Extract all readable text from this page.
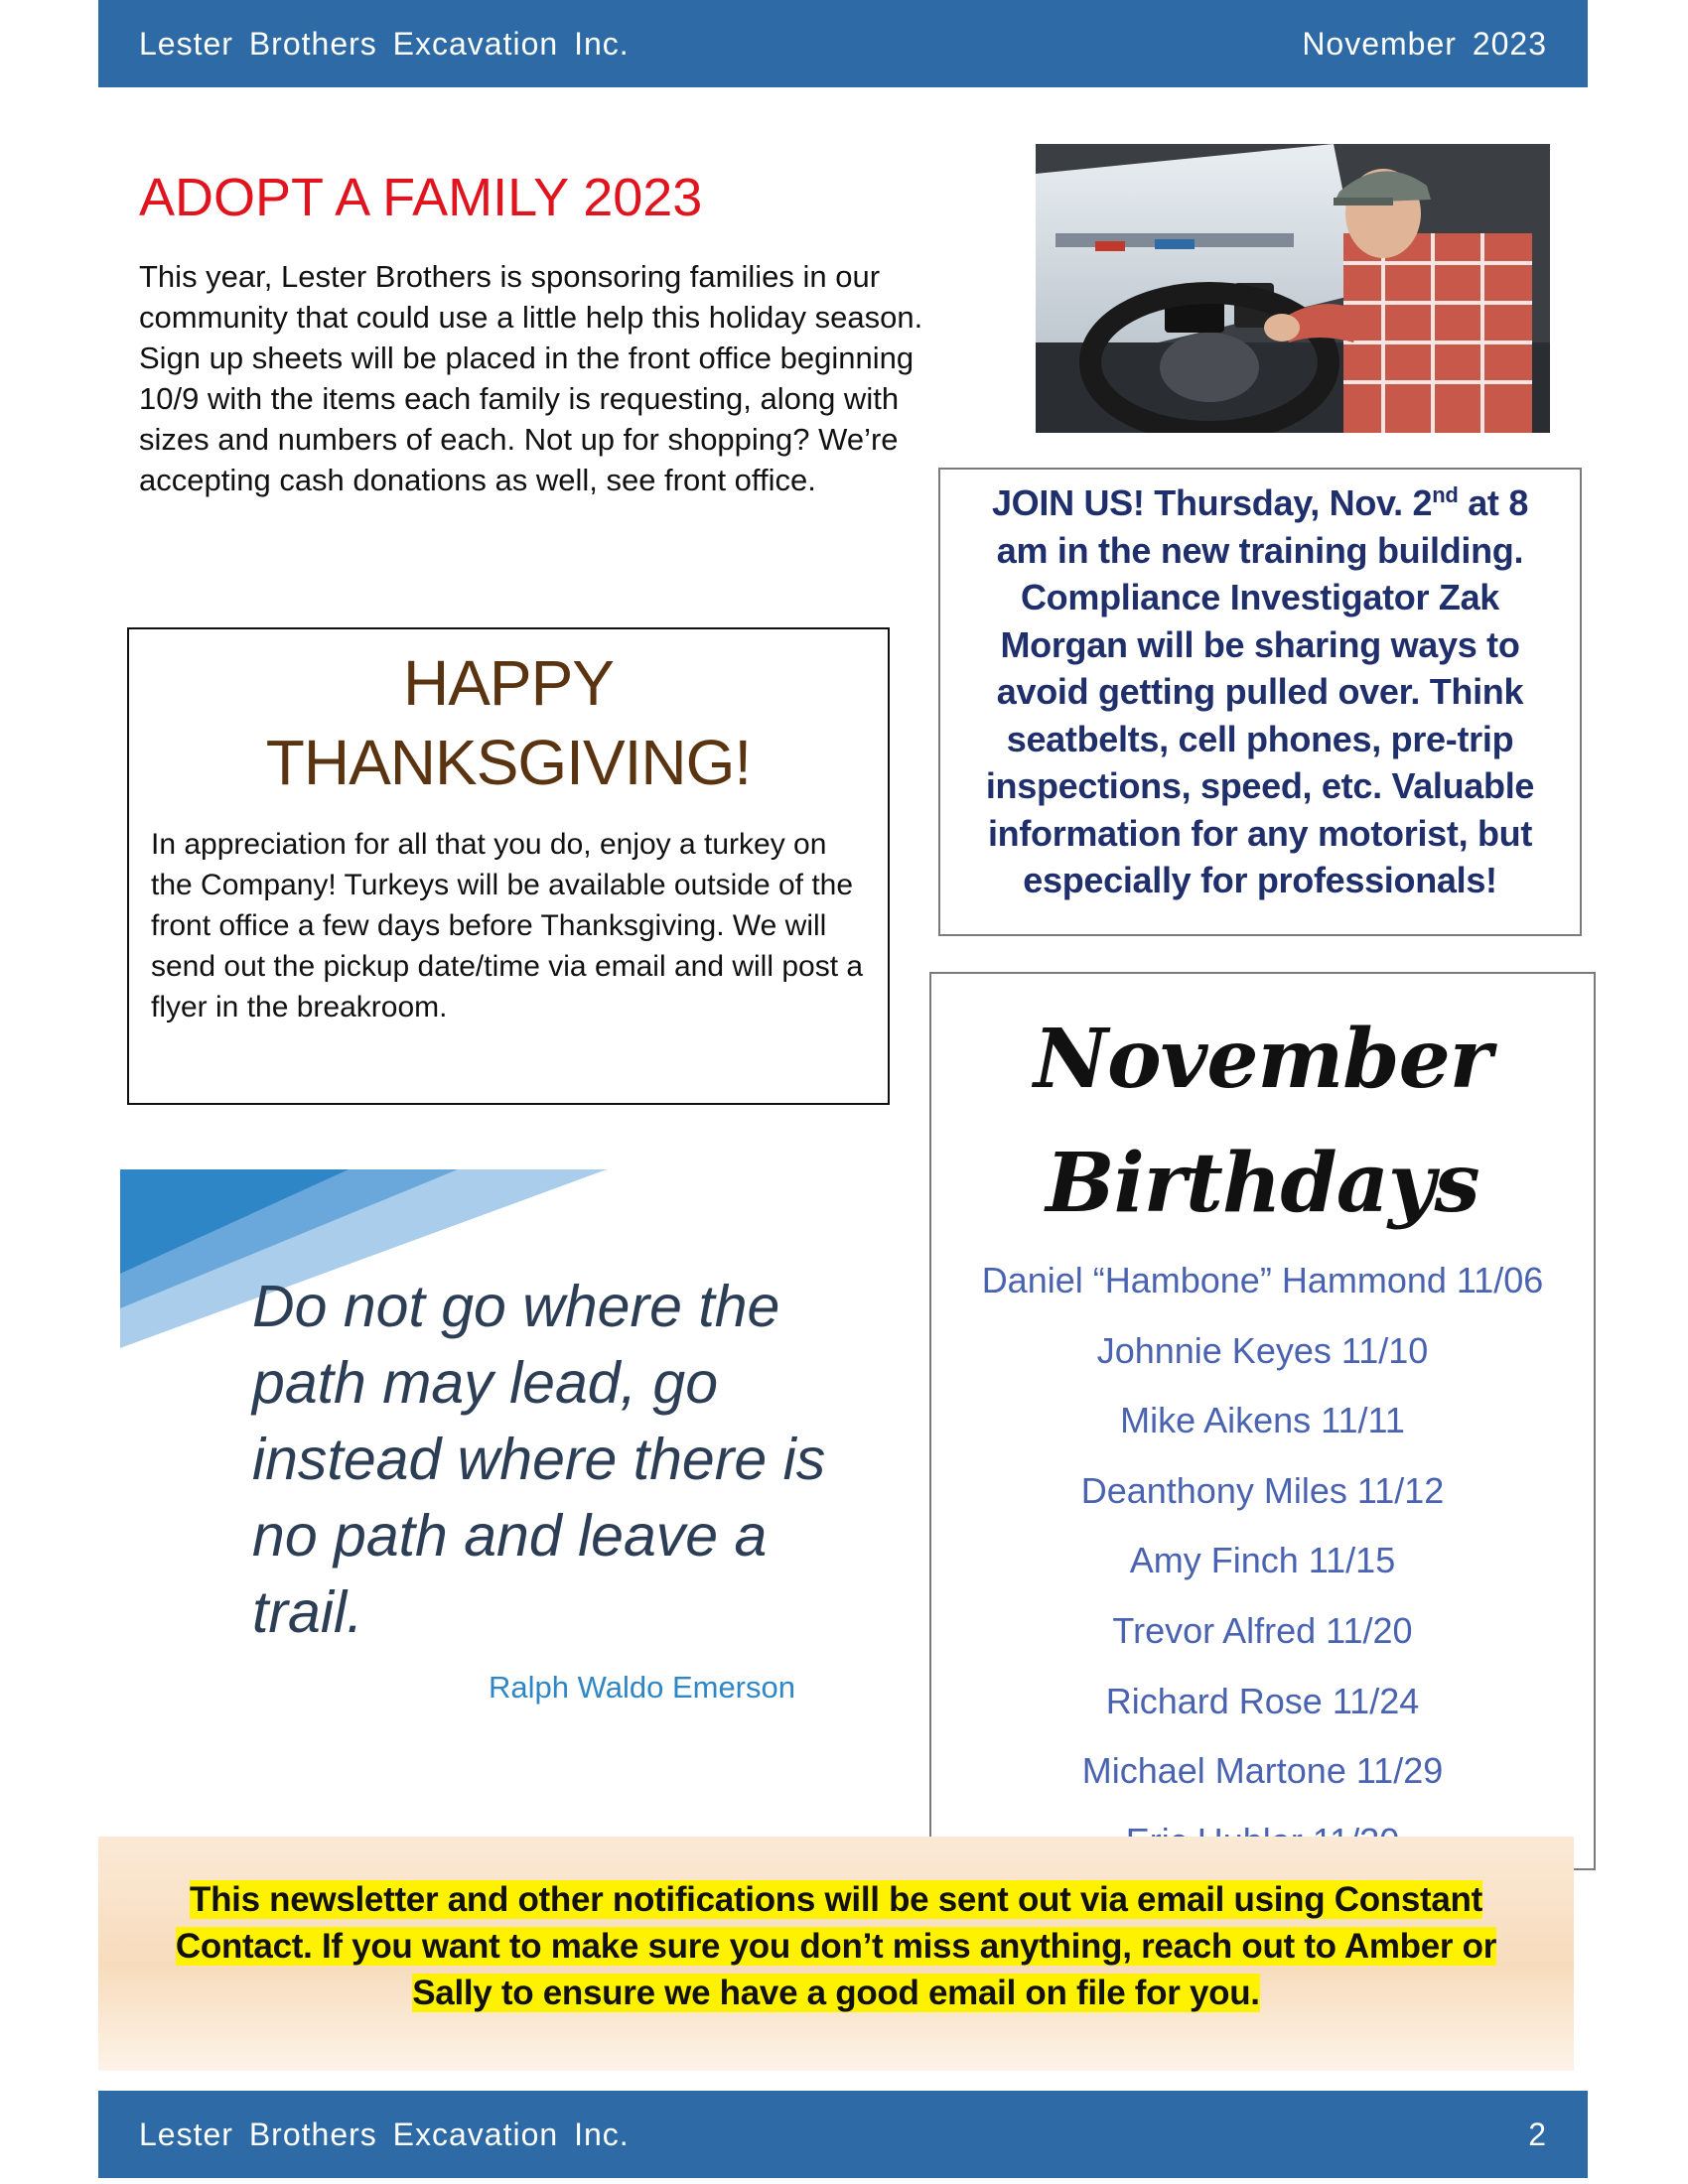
Lester Brothers Excavation Inc.	November 2023
ADOPT A FAMILY 2023

This year, Lester Brothers is sponsoring families in our community that could use a little help this holiday season. Sign up sheets will be placed in the front office beginning 10/9 with the items each family is requesting, along with sizes and numbers of each. Not up for shopping? We’re accepting cash donations as well, see front office.

JOIN US! Thursday, Nov. 2nd at 8 am in the new training building. Compliance Investigator Zak Morgan will be sharing ways to avoid getting pulled over. Think seatbelts, cell phones, pre-trip inspections, speed, etc. Valuable information for any motorist, but especially for professionals!

HAPPY
THANKSGIVING!

In appreciation for all that you do, enjoy a turkey on the Company! Turkeys will be available outside of the front office a few days before Thanksgiving. We will send out the pickup date/time via email and will post a flyer in the breakroom.

Do not go where the path may lead, go instead where there is no path and leave a trail.

Ralph Waldo Emerson

November
Birthdays
Daniel “Hambone” Hammond 11/06
Johnnie Keyes 11/10
Mike Aikens 11/11
Deanthony Miles 11/12
Amy Finch 11/15
Trevor Alfred 11/20
Richard Rose 11/24
Michael Martone 11/29

This newsletter and other notifications will be sent out via email using Constant
Contact. If you want to make sure you don’t miss anything, reach out to Amber or
Sally to ensure we have a good email on file for you.

Lester Brothers Excavation Inc.	2
